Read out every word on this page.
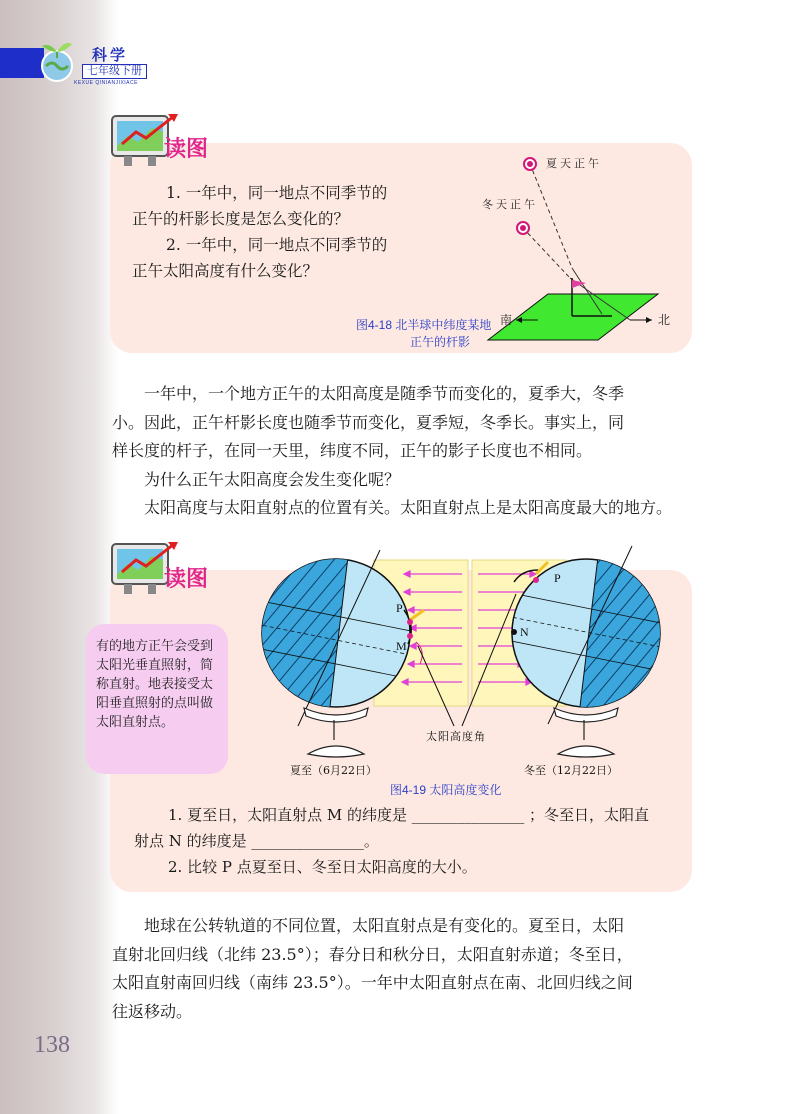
科学
七年级下册
KEXUE QINIANJIXIACE
读图
1. 一年中，同一地点不同季节的
正午的杆影长度是怎么变化的？
2. 一年中，同一地点不同季节的
正午太阳高度有什么变化？
夏天正午
冬天正午
南	北
图4-18 北半球中纬度某地
正午的杆影

一年中，一个地方正午的太阳高度是随季节而变化的，夏季大，冬季

小。因此，正午杆影长度也随季节而变化，夏季短，冬季长。事实上，同

样长度的杆子，在同一天里，纬度不同，正午的影子长度也不相同。

为什么正午太阳高度会发生变化呢？

太阳高度与太阳直射点的位置有关。太阳直射点上是太阳高度最大的地方。

读图
有的地方正午会受到太阳光垂直照射，简称直射。地表接受太阳垂直照射的点叫做太阳直射点。
P
M
P
N
太阳高度角
夏至（6月22日）	冬至（12月22日）
图4-19 太阳高度变化
1. 夏至日，太阳直射点 M 的纬度是 _______________ ；冬至日，太阳直
射点 N 的纬度是 _______________。
2. 比较 P 点夏至日、冬至日太阳高度的大小。

地球在公转轨道的不同位置，太阳直射点是有变化的。夏至日，太阳

直射北回归线（北纬 23.5°）；春分日和秋分日，太阳直射赤道；冬至日，

太阳直射南回归线（南纬 23.5°）。一年中太阳直射点在南、北回归线之间

往返移动。

138
